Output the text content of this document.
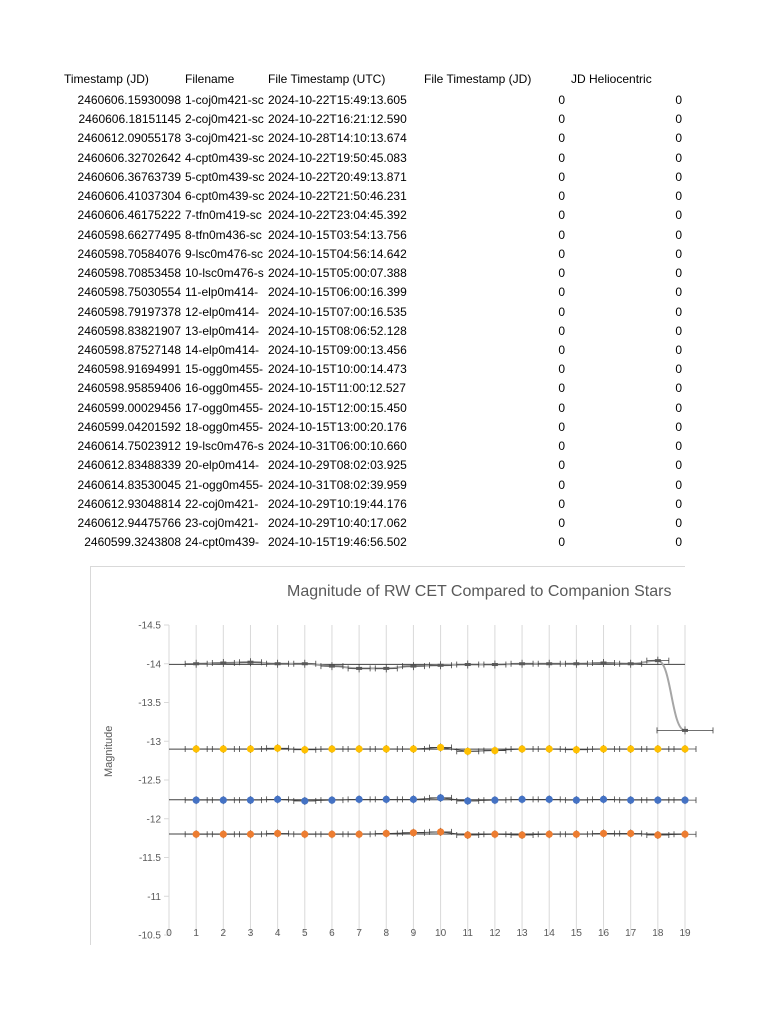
Timestamp (JD)	Filename	File Timestamp (UTC)	File Timestamp (JD)	JD Heliocentric
2460606.15930098 1-coj0m421-sc 2024-10-22T15:49:13.605	0	0
2460606.18151145 2-coj0m421-sc 2024-10-22T16:21:12.590	0	0
2460612.09055178 3-coj0m421-sc 2024-10-28T14:10:13.674	0	0
2460606.32702642 4-cpt0m439-sc 2024-10-22T19:50:45.083	0	0
2460606.36763739 5-cpt0m439-sc 2024-10-22T20:49:13.871	0	0
2460606.41037304 6-cpt0m439-sc 2024-10-22T21:50:46.231	0	0
2460606.46175222 7-tfn0m419-sc 2024-10-22T23:04:45.392	0	0
2460598.66277495 8-tfn0m436-sc 2024-10-15T03:54:13.756	0	0
2460598.70584076 9-lsc0m476-sc 2024-10-15T04:56:14.642	0	0
2460598.70853458 10-lsc0m476-s 2024-10-15T05:00:07.388	0	0
2460598.75030554 11-elp0m414- 2024-10-15T06:00:16.399	0	0
2460598.79197378 12-elp0m414- 2024-10-15T07:00:16.535	0	0
2460598.83821907 13-elp0m414- 2024-10-15T08:06:52.128	0	0
2460598.87527148 14-elp0m414- 2024-10-15T09:00:13.456	0	0
2460598.91694991 15-ogg0m455- 2024-10-15T10:00:14.473	0	0
2460598.95859406 16-ogg0m455- 2024-10-15T11:00:12.527	0	0
2460599.00029456 17-ogg0m455- 2024-10-15T12:00:15.450	0	0
2460599.04201592 18-ogg0m455- 2024-10-15T13:00:20.176	0	0
2460614.75023912 19-lsc0m476-s 2024-10-31T06:00:10.660	0	0
2460612.83488339 20-elp0m414- 2024-10-29T08:02:03.925	0	0
2460614.83530045 21-ogg0m455- 2024-10-31T08:02:39.959	0	0
2460612.93048814 22-coj0m421- 2024-10-29T10:19:44.176	0	0
2460612.94475766 23-coj0m421- 2024-10-29T10:40:17.062	0	0
2460599.3243808 24-cpt0m439- 2024-10-15T19:46:56.502	0	0
Magnitude of RW CET Compared to Companion Stars
Magnitude
-14.5
-14
-13.5
-13
-12.5
-12
-11.5
-11
-10.5 0 1 2 3 4 5 6 7 8 9 10 11 12 13 14 15 16 17 18 19
